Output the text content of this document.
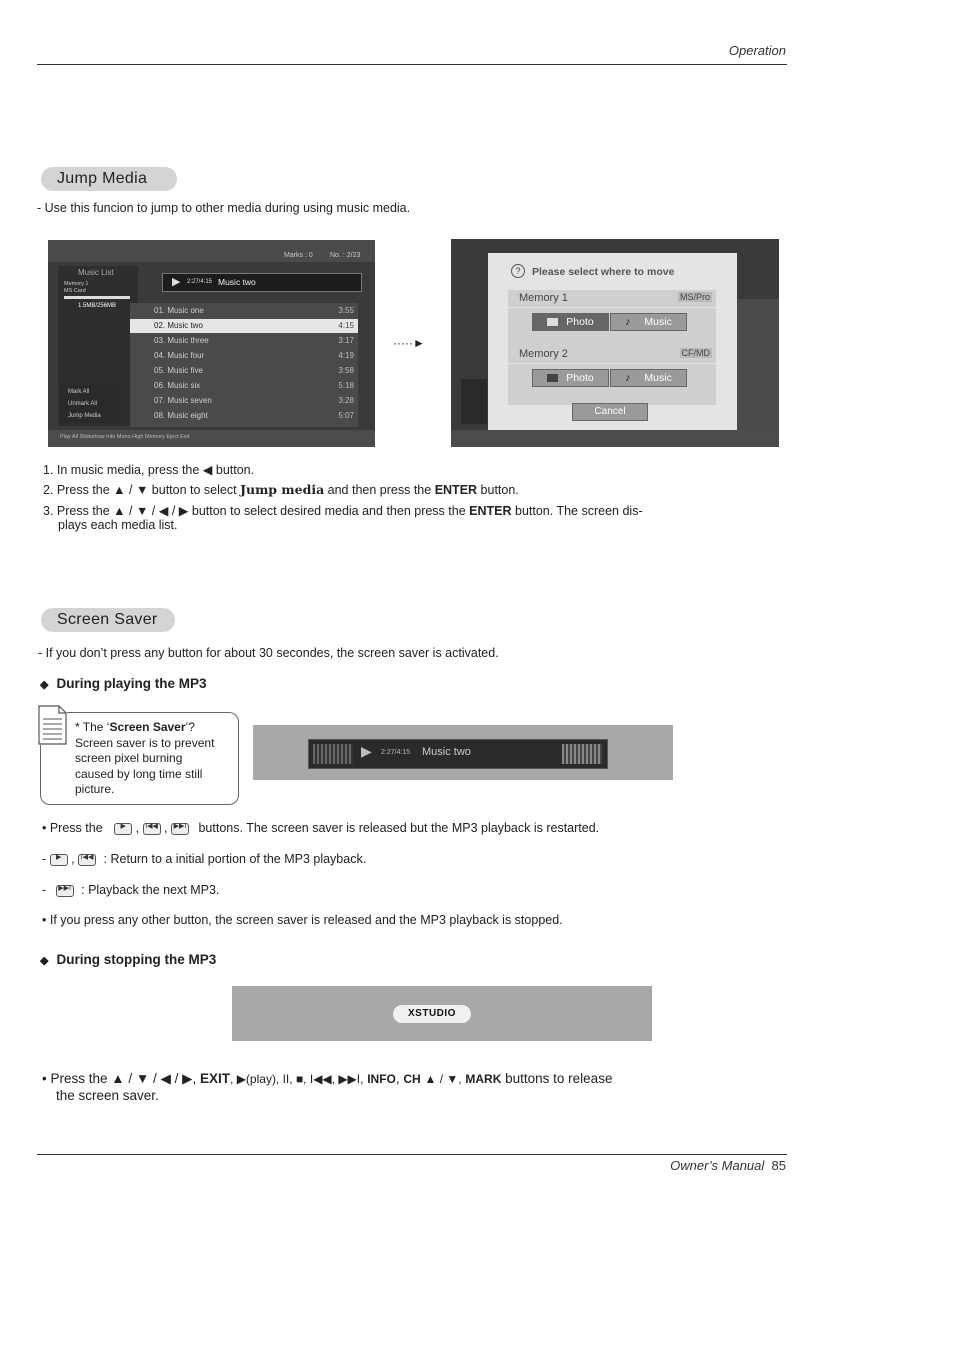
Operation
Jump Media
- Use this funcion to jump to other media during using music media.
Marks : 0 No. : 2/23
Music List
Memory 1
MS Card
1.5MB/256MB
▶ 2:27/4:15 Music two
Mark All
Unmark All
Jump Media
Play All Slideshow Info Mono High Memory Eject Exit
01. Music one	3:55
02. Music two	4:15
03. Music three	3:17
04. Music four	4:19
05. Music five	3:58
06. Music six	5:18
07. Music seven	3:28
08. Music eight	5:07
·····►
?	Please select where to move
Memory 1	MS/Pro
Photo	♪ Music
Memory 2	CF/MD
Photo	♪ Music
Cancel
1. In music media, press the ◀ button.
2. Press the ▲ / ▼ button to select Jump media and then press the ENTER button.
3. Press the ▲ / ▼ / ◀ / ▶ button to select desired media and then press the ENTER button. The screen dis-
plays each media list.
Screen Saver
- If you don’t press any button for about 30 secondes, the screen saver is activated.
◆ During playing the MP3
* The ‘Screen Saver’?
Screen saver is to prevent
screen pixel burning
caused by long time still
picture.
▶ 2:27/4:15 Music two
• Press the	▶ , I◀◀ , ▶▶I buttons. The screen saver is released but the MP3 playback is restarted.
- ▶ , I◀◀ : Return to a initial portion of the MP3 playback.
- ▶▶I : Playback the next MP3.
• If you press any other button, the screen saver is released and the MP3 playback is stopped.
◆ During stopping the MP3
XSTUDIO
• Press the ▲ / ▼ / ◀ / ▶, EXIT, ▶(play), II, ■, I◀◀, ▶▶I, INFO, CH ▲ / ▼, MARK buttons to release
the screen saver.
Owner’s Manual 85
